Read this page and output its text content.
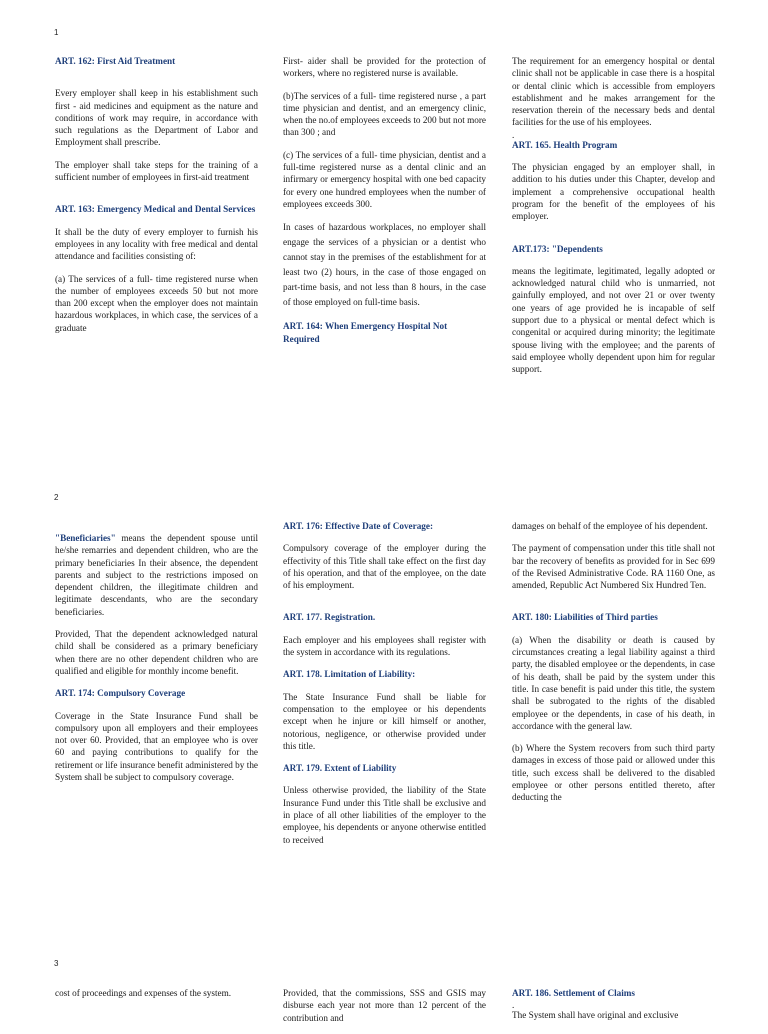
1
2
3
ART. 162: First Aid Treatment

Every employer shall keep in his establishment such first - aid medicines and equipment as the nature and conditions of work may require, in accordance with such regulations as the Department of Labor and Employment shall prescribe.

The employer shall take steps for the training of a sufficient number of employees in first-aid treatment

ART. 163: Emergency Medical and Dental Services

It shall be the duty of every employer to furnish his employees in any locality with free medical and dental attendance and facilities consisting of:

(a) The services of a full- time registered nurse when the number of employees exceeds 50 but not more than 200 except when the employer does not maintain hazardous workplaces, in which case, the services of a graduate

First- aider shall be provided for the protection of workers, where no registered nurse is available.

(b)The services of a full- time registered nurse , a part time physician and dentist, and an emergency clinic, when the no.of employees exceeds to 200 but not more than 300 ; and

(c) The services of a full- time physician, dentist and a full-time registered nurse as a dental clinic and an infirmary or emergency hospital with one bed capacity for every one hundred employees when the number of employees exceeds 300.

In cases of hazardous workplaces, no employer shall engage the services of a physician or a dentist who cannot stay in the premises of the establishment for at least two (2) hours, in the case of those engaged on part-time basis, and not less than 8 hours, in the case of those employed on full-time basis.

ART. 164: When Emergency Hospital Not Required

The requirement for an emergency hospital or dental clinic shall not be applicable in case there is a hospital or dental clinic which is accessible from employers establishment and he makes arrangement for the reservation therein of the necessary beds and dental facilities for the use of his employees.

.

ART. 165. Health Program

The physician engaged by an employer shall, in addition to his duties under this Chapter, develop and implement a comprehensive occupational health program for the benefit of the employees of his employer.

ART.173: "Dependents

means the legitimate, legitimated, legally adopted or acknowledged natural child who is unmarried, not gainfully employed, and not over 21 or over twenty one years of age provided he is incapable of self support due to a physical or mental defect which is congenital or acquired during minority; the legitimate spouse living with the employee; and the parents of said employee wholly dependent upon him for regular support.

"Beneficiaries" means the dependent spouse until he/she remarries and dependent children, who are the primary beneficiaries In their absence, the dependent parents and subject to the restrictions imposed on dependent children, the illegitimate children and legitimate descendants, who are the secondary beneficiaries.

Provided, That the dependent acknowledged natural child shall be considered as a primary beneficiary when there are no other dependent children who are qualified and eligible for monthly income benefit.

ART. 174: Compulsory Coverage

Coverage in the State Insurance Fund shall be compulsory upon all employers and their employees not over 60. Provided, that an employee who is over 60 and paying contributions to qualify for the retirement or life insurance benefit administered by the System shall be subject to compulsory coverage.

ART. 176: Effective Date of Coverage:

Compulsory coverage of the employer during the effectivity of this Title shall take effect on the first day of his operation, and that of the employee, on the date of his employment.

ART. 177. Registration.

Each employer and his employees shall register with the system in accordance with its regulations.

ART. 178. Limitation of Liability:

The State Insurance Fund shall be liable for compensation to the employee or his dependents except when he injure or kill himself or another, notorious, negligence, or otherwise provided under this title.

ART. 179. Extent of Liability

Unless otherwise provided, the liability of the State Insurance Fund under this Title shall be exclusive and in place of all other liabilities of the employer to the employee, his dependents or anyone otherwise entitled to received

damages on behalf of the employee of his dependent.

The payment of compensation under this title shall not bar the recovery of benefits as provided for in Sec 699 of the Revised Administrative Code. RA 1160 One, as amended, Republic Act Numbered Six Hundred Ten.

ART. 180: Liabilities of Third parties

(a) When the disability or death is caused by circumstances creating a legal liability against a third party, the disabled employee or the dependents, in case of his death, shall be paid by the system under this title. In case benefit is paid under this title, the system shall be subrogated to the rights of the disabled employee or the dependents, in case of his death, in accordance with the general law.

(b) Where the System recovers from such third party damages in excess of those paid or allowed under this title, such excess shall be delivered to the disabled employee or other persons entitled thereto, after deducting the

cost of proceedings and expenses of the system.	Provided, that the commissions, SSS and GSIS may disburse each year not more than 12 percent of the contribution and

ART. 186. Settlement of Claims

.

The System shall have original and exclusive
